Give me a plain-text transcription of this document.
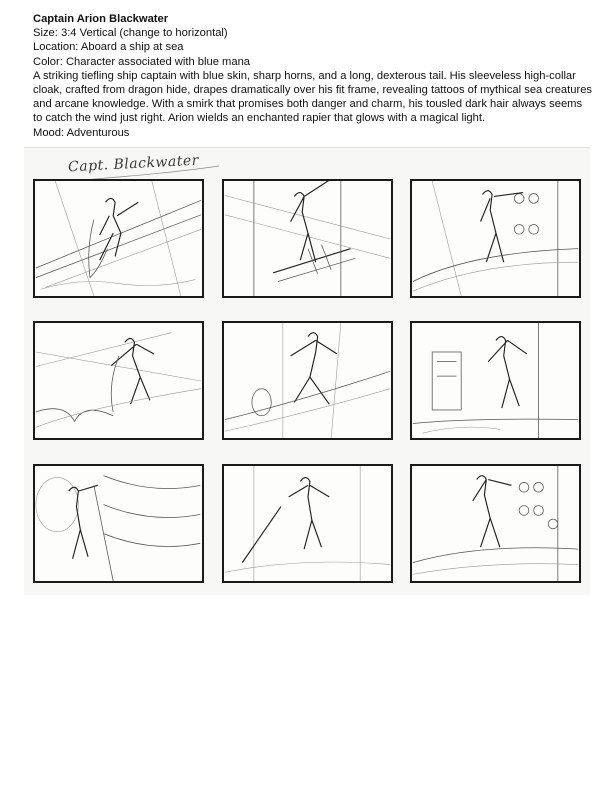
Captain Arion Blackwater

Size: 3:4 Vertical (change to horizontal)

Location: Aboard a ship at sea

Color: Character associated with blue mana

A striking tiefling ship captain with blue skin, sharp horns, and a long, dexterous tail. His sleeveless high-collar cloak, crafted from dragon hide, drapes dramatically over his fit frame, revealing tattoos of mythical sea creatures and arcane knowledge. With a smirk that promises both danger and charm, his tousled dark hair always seems to catch the wind just right. Arion wields an enchanted rapier that glows with a magical light.

Mood: Adventurous

Capt. Blackwater
